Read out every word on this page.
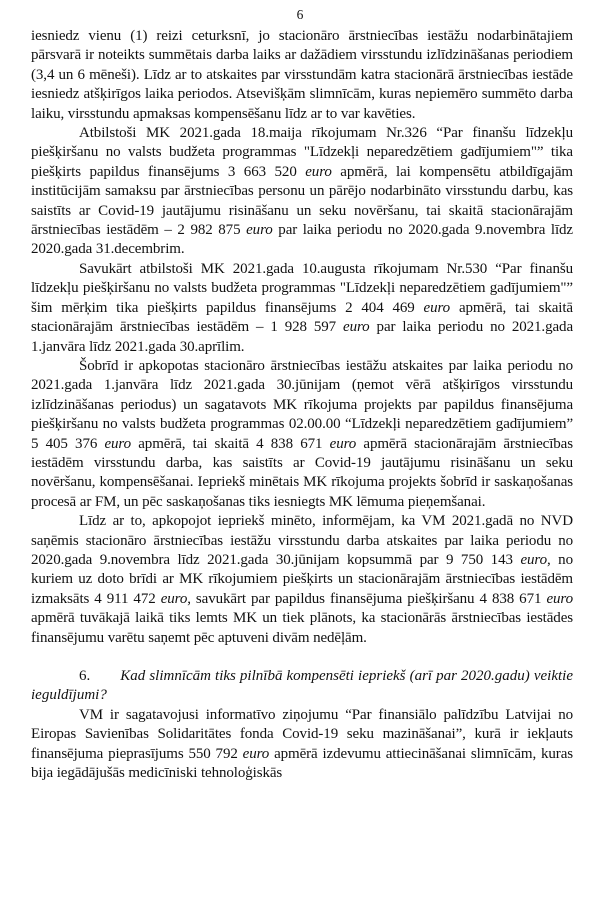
6

iesniedz vienu (1) reizi ceturksnī, jo stacionāro ārstniecības iestāžu nodarbinātajiem pārsvarā ir noteikts summētais darba laiks ar dažādiem virsstundu izlīdzināšanas periodiem (3,4 un 6 mēneši). Līdz ar to atskaites par virsstundām katra stacionārā ārstniecības iestāde iesniedz atšķirīgos laika periodos. Atsevišķām slimnīcām, kuras nepiemēro summēto darba laiku, virsstundu apmaksas kompensēšanu līdz ar to var kavēties.

Atbilstoši MK 2021.gada 18.maija rīkojumam Nr.326 “Par finanšu līdzekļu piešķiršanu no valsts budžeta programmas "Līdzekļi neparedzētiem gadījumiem"” tika piešķirts papildus finansējums 3 663 520 euro apmērā, lai kompensētu atbildīgajām institūcijām samaksu par ārstniecības personu un pārējo nodarbināto virsstundu darbu, kas saistīts ar Covid-19 jautājumu risināšanu un seku novēršanu, tai skaitā stacionārajām ārstniecības iestādēm – 2 982 875 euro par laika periodu no 2020.gada 9.novembra līdz 2020.gada 31.decembrim.

Savukārt atbilstoši MK 2021.gada 10.augusta rīkojumam Nr.530 “Par finanšu līdzekļu piešķiršanu no valsts budžeta programmas "Līdzekļi neparedzētiem gadījumiem"” šim mērķim tika piešķirts papildus finansējums 2 404 469 euro apmērā, tai skaitā stacionārajām ārstniecības iestādēm – 1 928 597 euro par laika periodu no 2021.gada 1.janvāra līdz 2021.gada 30.aprīlim.

Šobrīd ir apkopotas stacionāro ārstniecības iestāžu atskaites par laika periodu no 2021.gada 1.janvāra līdz 2021.gada 30.jūnijam (ņemot vērā atšķirīgos virsstundu izlīdzināšanas periodus) un sagatavots MK rīkojuma projekts par papildus finansējuma piešķiršanu no valsts budžeta programmas 02.00.00 “Līdzekļi neparedzētiem gadījumiem” 5 405 376 euro apmērā, tai skaitā 4 838 671 euro apmērā stacionārajām ārstniecības iestādēm virsstundu darba, kas saistīts ar Covid-19 jautājumu risināšanu un seku novēršanu, kompensēšanai. Iepriekš minētais MK rīkojuma projekts šobrīd ir saskaņošanas procesā ar FM, un pēc saskaņošanas tiks iesniegts MK lēmuma pieņemšanai.

Līdz ar to, apkopojot iepriekš minēto, informējam, ka VM 2021.gadā no NVD saņēmis stacionāro ārstniecības iestāžu virsstundu darba atskaites par laika periodu no 2020.gada 9.novembra līdz 2021.gada 30.jūnijam kopsummā par 9 750 143 euro, no kuriem uz doto brīdi ar MK rīkojumiem piešķirts un stacionārajām ārstniecības iestādēm izmaksāts 4 911 472 euro, savukārt par papildus finansējuma piešķiršanu 4 838 671 euro apmērā tuvākajā laikā tiks lemts MK un tiek plānots, ka stacionārās ārstniecības iestādes finansējumu varētu saņemt pēc aptuveni divām nedēļām.

6. Kad slimnīcām tiks pilnībā kompensēti iepriekš (arī par 2020.gadu) veiktie ieguldījumi?

VM ir sagatavojusi informatīvo ziņojumu “Par finansiālo palīdzību Latvijai no Eiropas Savienības Solidaritātes fonda Covid-19 seku mazināšanai”, kurā ir iekļauts finansējuma pieprasījums 550 792 euro apmērā izdevumu attiecināšanai slimnīcām, kuras bija iegādājušās medicīniski tehnoloģiskās
